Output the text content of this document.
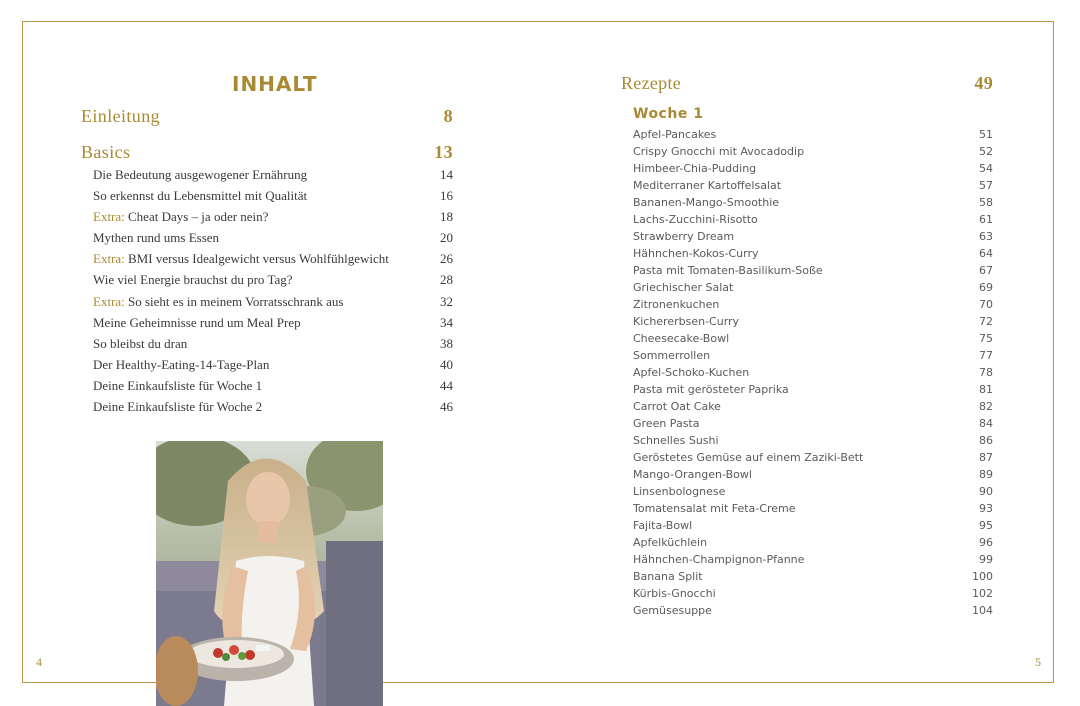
INHALT
Einleitung	8
Basics	13
Die Bedeutung ausgewogener Ernährung	14
So erkennst du Lebensmittel mit Qualität	16
Extra: Cheat Days – ja oder nein?	18
Mythen rund ums Essen	20
Extra: BMI versus Idealgewicht versus Wohlfühlgewicht	26
Wie viel Energie brauchst du pro Tag?	28
Extra: So sieht es in meinem Vorratsschrank aus	32
Meine Geheimnisse rund um Meal Prep	34
So bleibst du dran	38
Der Healthy-Eating-14-Tage-Plan	40
Deine Einkaufsliste für Woche 1	44
Deine Einkaufsliste für Woche 2	46
4
Rezepte	49
Woche 1
Apfel-Pancakes	51
Crispy Gnocchi mit Avocadodip	52
Himbeer-Chia-Pudding	54
Mediterraner Kartoffelsalat	57
Bananen-Mango-Smoothie	58
Lachs-Zucchini-Risotto	61
Strawberry Dream	63
Hähnchen-Kokos-Curry	64
Pasta mit Tomaten-Basilikum-Soße	67
Griechischer Salat	69
Zitronenkuchen	70
Kichererbsen-Curry	72
Cheesecake-Bowl	75
Sommerrollen	77
Apfel-Schoko-Kuchen	78
Pasta mit gerösteter Paprika	81
Carrot Oat Cake	82
Green Pasta	84
Schnelles Sushi	86
Geröstetes Gemüse auf einem Zaziki-Bett	87
Mango-Orangen-Bowl	89
Linsenbolognese	90
Tomatensalat mit Feta-Creme	93
Fajita-Bowl	95
Apfelküchlein	96
Hähnchen-Champignon-Pfanne	99
Banana Split	100
Kürbis-Gnocchi	102
Gemüsesuppe	104
5
